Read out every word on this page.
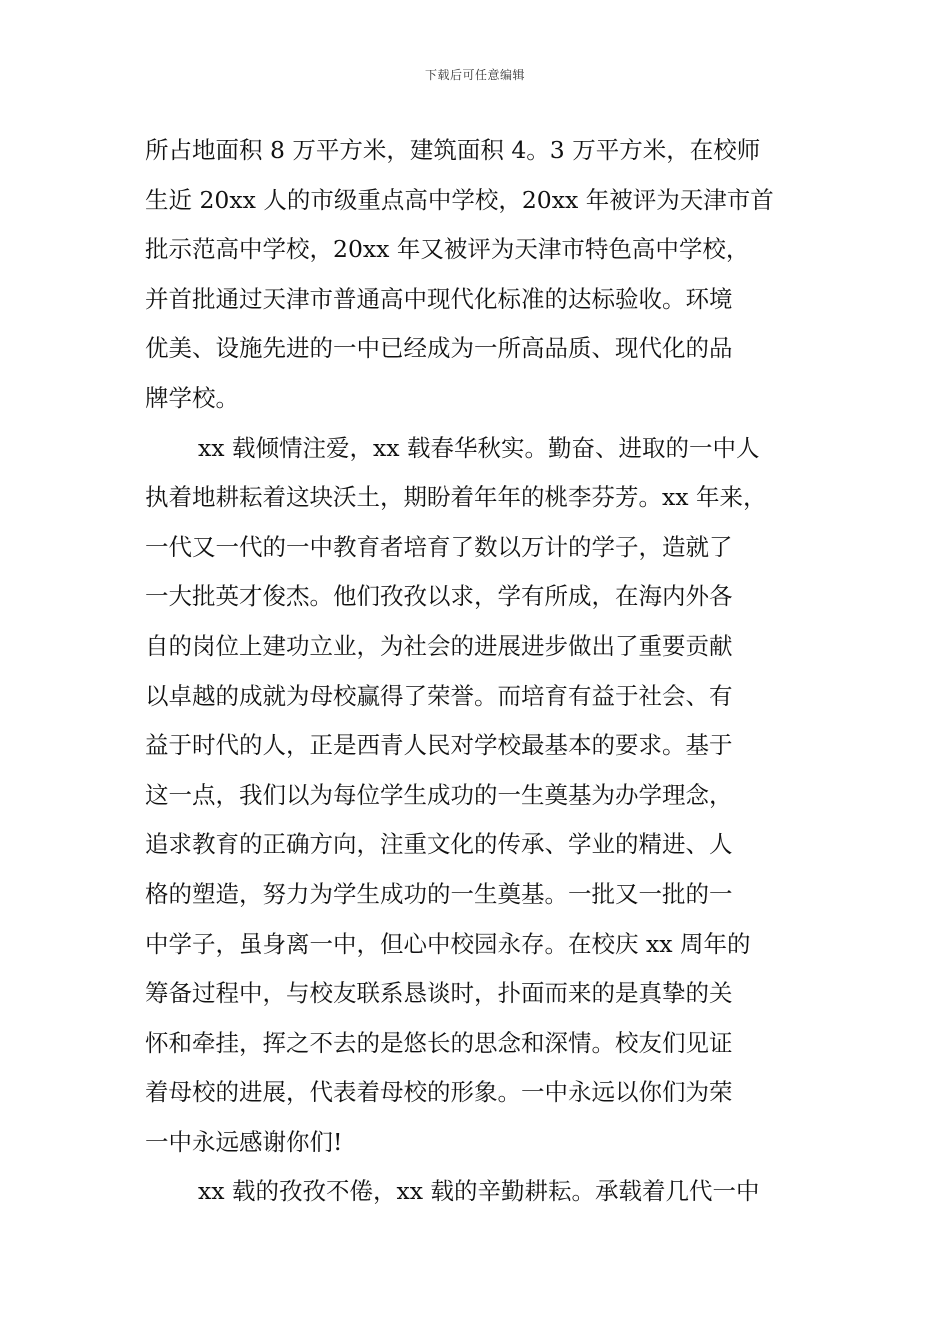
下载后可任意编辑
所占地面积 8 万平方米，建筑面积 4。3 万平方米，在校师
生近 20xx 人的市级重点高中学校，20xx 年被评为天津市首
批示范高中学校，20xx 年又被评为天津市特色高中学校，
并首批通过天津市普通高中现代化标准的达标验收。环境
优美、设施先进的一中已经成为一所高品质、现代化的品
牌学校。
xx 载倾情注爱，xx 载春华秋实。勤奋、进取的一中人
执着地耕耘着这块沃土，期盼着年年的桃李芬芳。xx 年来，
一代又一代的一中教育者培育了数以万计的学子，造就了
一大批英才俊杰。他们孜孜以求，学有所成，在海内外各
自的岗位上建功立业，为社会的进展进步做出了重要贡献
以卓越的成就为母校赢得了荣誉。而培育有益于社会、有
益于时代的人，正是西青人民对学校最基本的要求。基于
这一点，我们以为每位学生成功的一生奠基为办学理念，
追求教育的正确方向，注重文化的传承、学业的精进、人
格的塑造，努力为学生成功的一生奠基。一批又一批的一
中学子，虽身离一中，但心中校园永存。在校庆 xx 周年的
筹备过程中，与校友联系恳谈时，扑面而来的是真挚的关
怀和牵挂，挥之不去的是悠长的思念和深情。校友们见证
着母校的进展，代表着母校的形象。一中永远以你们为荣
一中永远感谢你们!
xx 载的孜孜不倦，xx 载的辛勤耕耘。承载着几代一中
